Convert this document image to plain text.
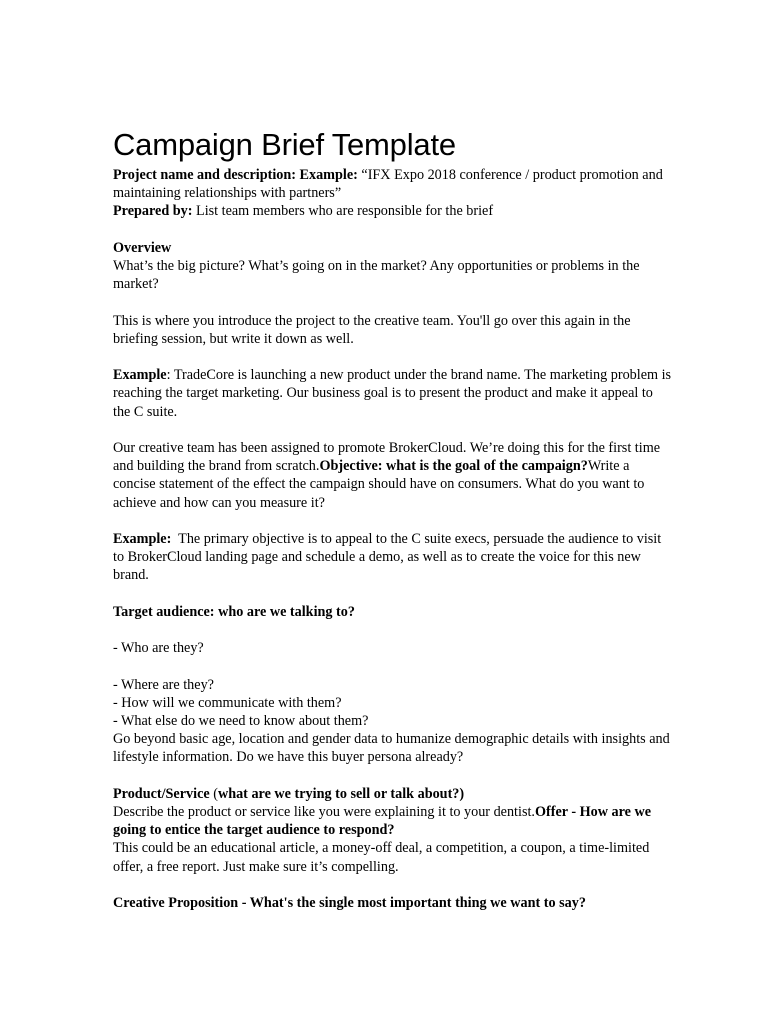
Campaign Brief Template

Project name and description: Example: “IFX Expo 2018 conference / product promotion and maintaining relationships with partners”

Prepared by: List team members who are responsible for the brief

Overview

What’s the big picture? What’s going on in the market? Any opportunities or problems in the market?

This is where you introduce the project to the creative team. You'll go over this again in the briefing session, but write it down as well.

Example: TradeCore is launching a new product under the brand name. The marketing problem is reaching the target marketing. Our business goal is to present the product and make it appeal to the C suite.

Our creative team has been assigned to promote BrokerCloud. We’re doing this for the first time and building the brand from scratch.Objective: what is the goal of the campaign?Write a concise statement of the effect the campaign should have on consumers. What do you want to achieve and how can you measure it?

Example:  The primary objective is to appeal to the C suite execs, persuade the audience to visit to BrokerCloud landing page and schedule a demo, as well as to create the voice for this new brand.

Target audience: who are we talking to?

- Who are they?

- Where are they?

- How will we communicate with them?

- What else do we need to know about them?

Go beyond basic age, location and gender data to humanize demographic details with insights and lifestyle information. Do we have this buyer persona already?

Product/Service (what are we trying to sell or talk about?)

Describe the product or service like you were explaining it to your dentist.Offer - How are we going to entice the target audience to respond?

This could be an educational article, a money-off deal, a competition, a coupon, a time-limited offer, a free report. Just make sure it’s compelling.

Creative Proposition - What's the single most important thing we want to say?
